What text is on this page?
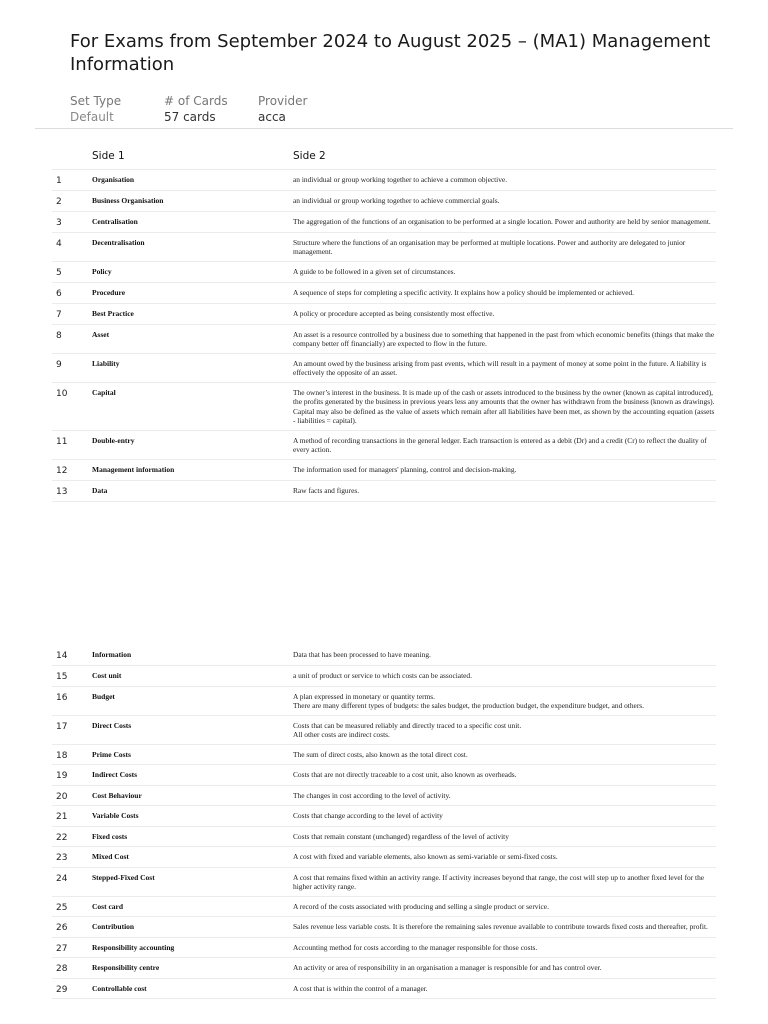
For Exams from September 2024 to August 2025 – (MA1) Management Information
Set Type
Default
# of Cards
57 cards
Provider
acca
	Side 1	Side 2
1	Organisation	an individual or group working together to achieve a common objective.
2	Business Organisation	an individual or group working together to achieve commercial goals.
3	Centralisation	The aggregation of the functions of an organisation to be performed at a single location. Power and authority are held by senior management.
4	Decentralisation	Structure where the functions of an organisation may be performed at multiple locations. Power and authority are delegated to junior management.
5	Policy	A guide to be followed in a given set of circumstances.
6	Procedure	A sequence of steps for completing a specific activity. It explains how a policy should be implemented or achieved.
7	Best Practice	A policy or procedure accepted as being consistently most effective.
8	Asset	An asset is a resource controlled by a business due to something that happened in the past from which economic benefits (things that make the company better off financially) are expected to flow in the future.
9	Liability	An amount owed by the business arising from past events, which will result in a payment of money at some point in the future. A liability is effectively the opposite of an asset.
10	Capital	The owner’s interest in the business. It is made up of the cash or assets introduced to the business by the owner (known as capital introduced), the profits generated by the business in previous years less any amounts that the owner has withdrawn from the business (known as drawings). Capital may also be defined as the value of assets which remain after all liabilities have been met, as shown by the accounting equation (assets - liabilities = capital).
11	Double-entry	A method of recording transactions in the general ledger. Each transaction is entered as a debit (Dr) and a credit (Cr) to reflect the duality of every action.
12	Management information	The information used for managers' planning, control and decision-making.
13	Data	Raw facts and figures.
14	Information	Data that has been processed to have meaning.
15	Cost unit	a unit of product or service to which costs can be associated.
16	Budget	A plan expressed in monetary or quantity terms.
There are many different types of budgets: the sales budget, the production budget, the expenditure budget, and others.
17	Direct Costs	Costs that can be measured reliably and directly traced to a specific cost unit.
All other costs are indirect costs.
18	Prime Costs	The sum of direct costs, also known as the total direct cost.
19	Indirect Costs	Costs that are not directly traceable to a cost unit, also known as overheads.
20	Cost Behaviour	The changes in cost according to the level of activity.
21	Variable Costs	Costs that change according to the level of activity
22	Fixed costs	Costs that remain constant (unchanged) regardless of the level of activity
23	Mixed Cost	A cost with fixed and variable elements, also known as semi-variable or semi-fixed costs.
24	Stepped-Fixed Cost	A cost that remains fixed within an activity range. If activity increases beyond that range, the cost will step up to another fixed level for the higher activity range.
25	Cost card	A record of the costs associated with producing and selling a single product or service.
26	Contribution	Sales revenue less variable costs. It is therefore the remaining sales revenue available to contribute towards fixed costs and thereafter, profit.
27	Responsibility accounting	Accounting method for costs according to the manager responsible for those costs.
28	Responsibility centre	An activity or area of responsibility in an organisation a manager is responsible for and has control over.
29	Controllable cost	A cost that is within the control of a manager.
